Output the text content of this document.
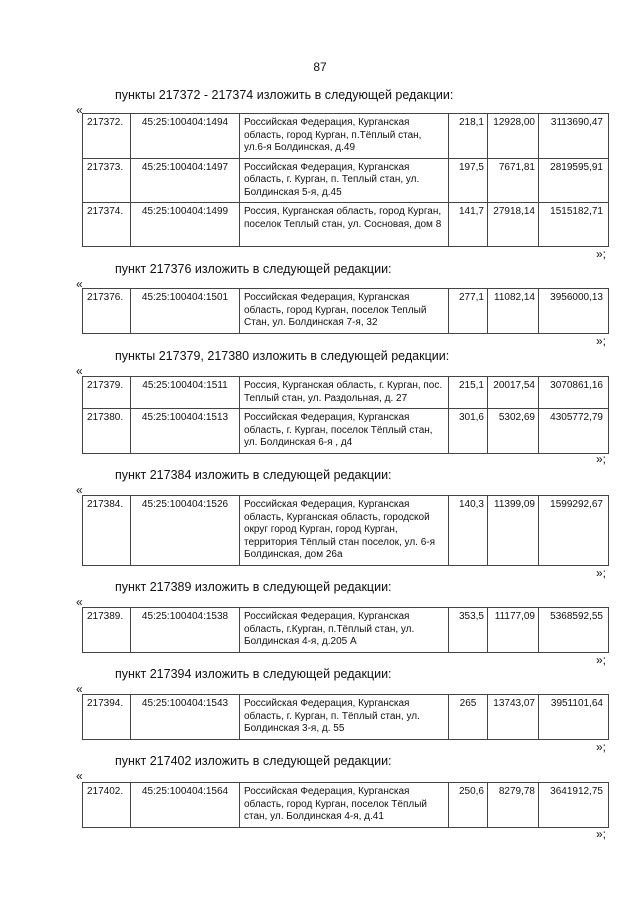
87
пункты 217372 - 217374 изложить в следующей редакции:
«
217372.	45:25:100404:1494	Российская Федерация, Курганская область, город Курган, п.Тёплый стан, ул.6-я Болдинская, д.49	218,1	12928,00	3113690,47
217373.	45:25:100404:1497	Российская Федерация, Курганская область, г. Курган, п. Теплый стан, ул. Болдинская 5-я, д.45	197,5	7671,81	2819595,91
217374.	45:25:100404:1499	Россия, Курганская область, город Курган, поселок Теплый стан, ул. Сосновая, дом 8	141,7	27918,14	1515182,71
»;
пункт 217376 изложить в следующей редакции:
«
217376.	45:25:100404:1501	Российская Федерация, Курганская область, город Курган, поселок Теплый Стан, ул. Болдинская 7-я, 32	277,1	11082,14	3956000,13
»;
пункты 217379, 217380 изложить в следующей редакции:
«
217379.	45:25:100404:1511	Россия, Курганская область, г. Курган, пос. Теплый стан, ул. Раздольная, д. 27	215,1	20017,54	3070861,16
217380.	45:25:100404:1513	Российская Федерация, Курганская область, г. Курган, поселок Тёплый стан, ул. Болдинская 6-я , д4	301,6	5302,69	4305772,79
»;
пункт 217384 изложить в следующей редакции:
«
217384.	45:25:100404:1526	Российская Федерация, Курганская область, Курганская область, городской округ город Курган, город Курган, территория Тёплый стан поселок, ул. 6-я Болдинская, дом 26а	140,3	11399,09	1599292,67
»;
пункт 217389 изложить в следующей редакции:
«
217389.	45:25:100404:1538	Российская Федерация, Курганская область, г.Курган, п.Тёплый стан, ул. Болдинская 4-я, д.205 А	353,5	11177,09	5368592,55
»;
пункт 217394 изложить в следующей редакции:
«
217394.	45:25:100404:1543	Российская Федерация, Курганская область, г. Курган, п. Тёплый стан, ул. Болдинская 3-я, д. 55	265	13743,07	3951101,64
»;
пункт 217402 изложить в следующей редакции:
«
217402.	45:25:100404:1564	Российская Федерация, Курганская область, город Курган, поселок Тёплый стан, ул. Болдинская 4-я, д.41	250,6	8279,78	3641912,75
»;
